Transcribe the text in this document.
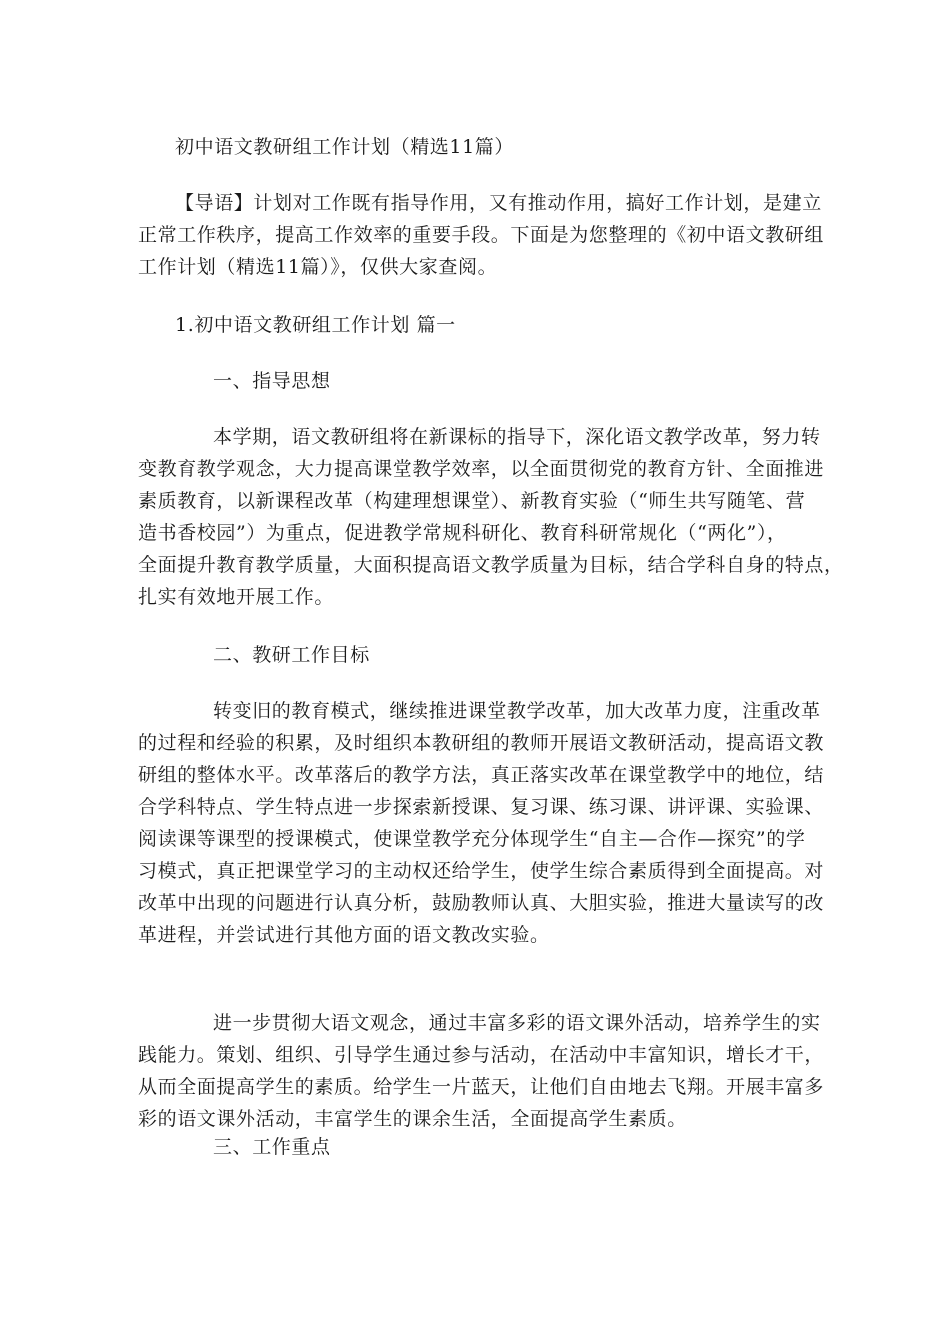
初中语文教研组工作计划（精选11篇）
【导语】计划对工作既有指导作用，又有推动作用，搞好工作计划，是建立
正常工作秩序，提高工作效率的重要手段。下面是为您整理的《初中语文教研组
工作计划（精选11篇）》，仅供大家查阅。
1.初中语文教研组工作计划 篇一
一、指导思想
本学期，语文教研组将在新课标的指导下，深化语文教学改革，努力转
变教育教学观念，大力提高课堂教学效率，以全面贯彻党的教育方针、全面推进
素质教育，以新课程改革（构建理想课堂）、新教育实验（“师生共写随笔、营
造书香校园”）为重点，促进教学常规科研化、教育科研常规化（“两化”），
全面提升教育教学质量，大面积提高语文教学质量为目标，结合学科自身的特点，
扎实有效地开展工作。
二、教研工作目标
转变旧的教育模式，继续推进课堂教学改革，加大改革力度，注重改革
的过程和经验的积累，及时组织本教研组的教师开展语文教研活动，提高语文教
研组的整体水平。改革落后的教学方法，真正落实改革在课堂教学中的地位，结
合学科特点、学生特点进一步探索新授课、复习课、练习课、讲评课、实验课、
阅读课等课型的授课模式，使课堂教学充分体现学生“自主—合作—探究”的学
习模式，真正把课堂学习的主动权还给学生，使学生综合素质得到全面提高。对
改革中出现的问题进行认真分析，鼓励教师认真、大胆实验，推进大量读写的改
革进程，并尝试进行其他方面的语文教改实验。
进一步贯彻大语文观念，通过丰富多彩的语文课外活动，培养学生的实
践能力。策划、组织、引导学生通过参与活动，在活动中丰富知识，增长才干，
从而全面提高学生的素质。给学生一片蓝天，让他们自由地去飞翔。开展丰富多
彩的语文课外活动，丰富学生的课余生活，全面提高学生素质。
三、工作重点
